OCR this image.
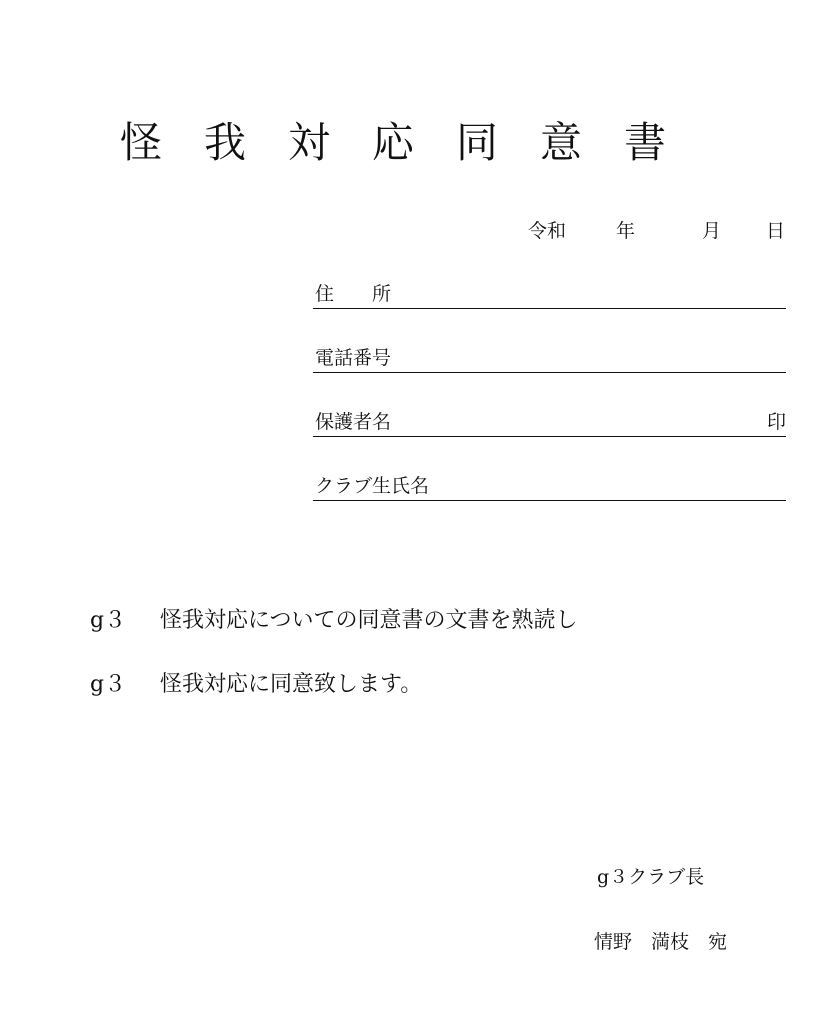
怪我対応同意書
令和	年	月 日
住　　所
電話番号
保護者名	印
クラブ生氏名
g３ 怪我対応についての同意書の文書を熟読し
g３ 怪我対応に同意致します。
g３クラブ長
情野　満枝　宛
